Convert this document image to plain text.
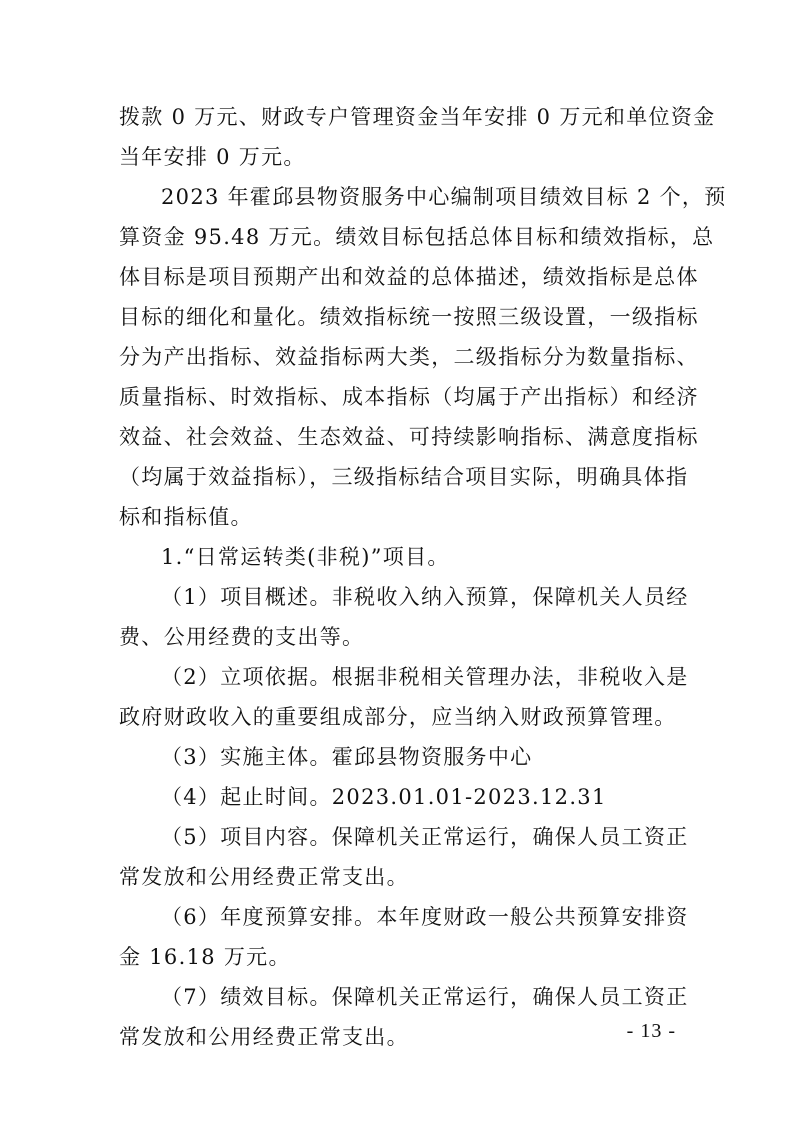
拨款 0 万元、财政专户管理资金当年安排 0 万元和单位资金
当年安排 0 万元。
2023 年霍邱县物资服务中心编制项目绩效目标 2 个，预
算资金 95.48 万元。绩效目标包括总体目标和绩效指标，总
体目标是项目预期产出和效益的总体描述，绩效指标是总体
目标的细化和量化。绩效指标统一按照三级设置，一级指标
分为产出指标、效益指标两大类，二级指标分为数量指标、
质量指标、时效指标、成本指标（均属于产出指标）和经济
效益、社会效益、生态效益、可持续影响指标、满意度指标
（均属于效益指标），三级指标结合项目实际，明确具体指
标和指标值。
1.“日常运转类(非税)”项目。
（1）项目概述。非税收入纳入预算，保障机关人员经
费、公用经费的支出等。
（2）立项依据。根据非税相关管理办法，非税收入是
政府财政收入的重要组成部分，应当纳入财政预算管理。
（3）实施主体。霍邱县物资服务中心
（4）起止时间。2023.01.01-2023.12.31
（5）项目内容。保障机关正常运行，确保人员工资正
常发放和公用经费正常支出。
（6）年度预算安排。本年度财政一般公共预算安排资
金 16.18 万元。
（7）绩效目标。保障机关正常运行，确保人员工资正
常发放和公用经费正常支出。	- 13 -
